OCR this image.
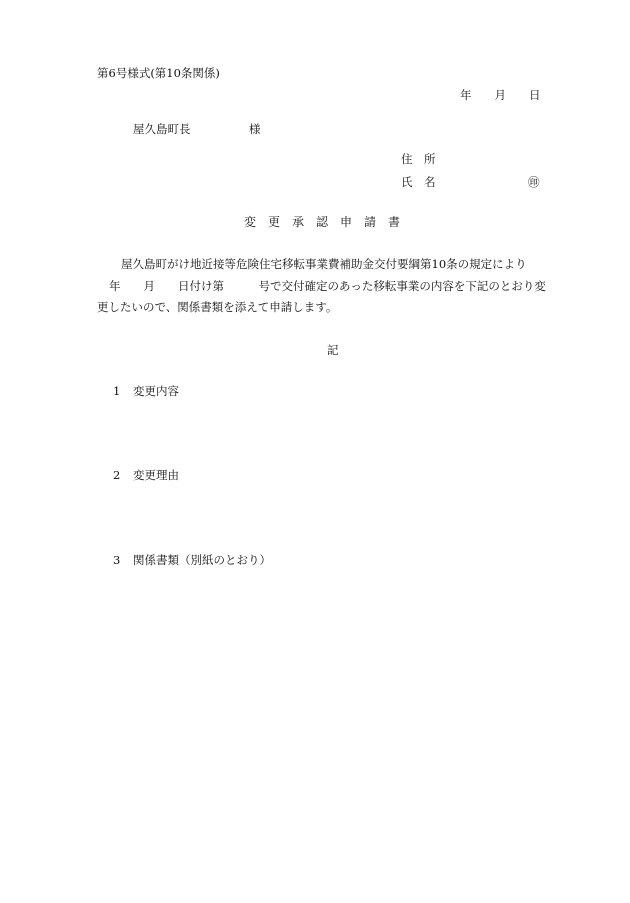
第6号様式(第10条関係)
年　　月　　日
屋久島町長	様
住　所
氏　名	㊞
変　更　承　認　申　請　書
屋久島町がけ地近接等危険住宅移転事業費補助金交付要綱第10条の規定により
年　　月　　日付け第　　　号で交付確定のあった移転事業の内容を下記のとおり変
更したいので、関係書類を添えて申請します。
記
1 変更内容
2 変更理由
3 関係書類（別紙のとおり）
